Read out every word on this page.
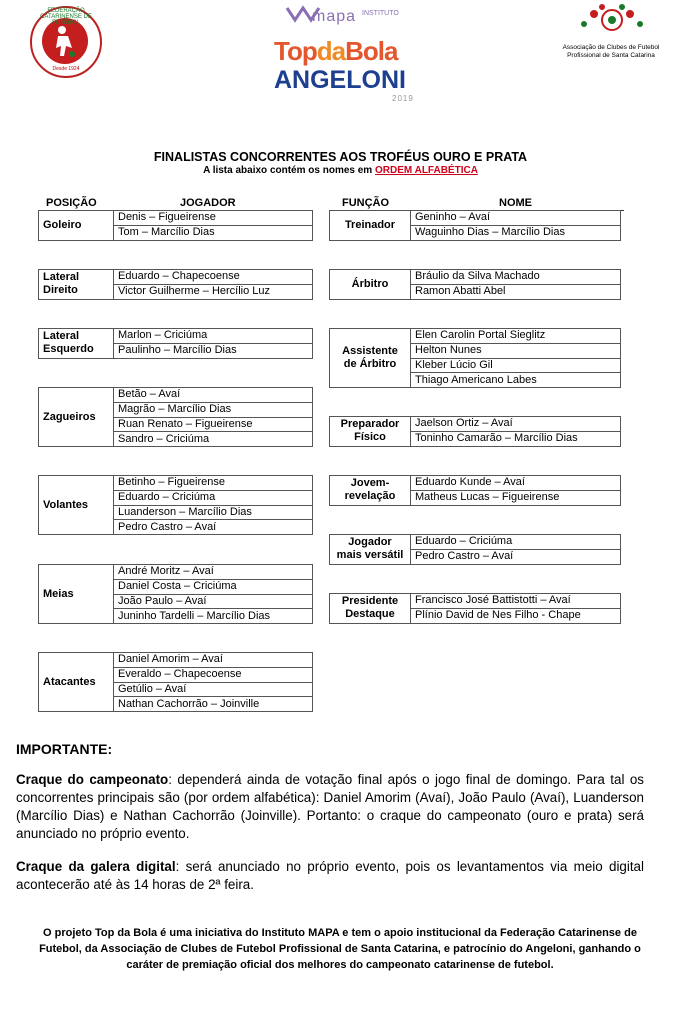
FEDERAÇÃO CATARINENSE DE FUTEBOL
Desde 1924
mapa INSTITUTO
TopdaBola
ANGELONI
2019
Associação de Clubes de Futebol Profissional de Santa Catarina
FINALISTAS CONCORRENTES AOS TROFÉUS OURO E PRATA
A lista abaixo contém os nomes em ORDEM ALFABÉTICA
POSIÇÃO	JOGADOR	FUNÇÃO	NOME
Goleiro
	Denis – Figueirense
Tom – Marcílio Dias
Lateral
Direito
	Eduardo – Chapecoense
Victor Guilherme – Hercílio Luz
Lateral
Esquerdo
	Marlon – Criciúma
Paulinho – Marcílio Dias
Zagueiros
	Betão – Avaí
Magrão – Marcílio Dias
Ruan Renato – Figueirense
Sandro – Criciúma
Volantes
	Betinho – Figueirense
Eduardo – Criciúma
Luanderson – Marcílio Dias
Pedro Castro – Avaí
Meias
	André Moritz – Avaí
Daniel Costa – Criciúma
João Paulo – Avaí
Juninho Tardelli – Marcílio Dias
Atacantes
	Daniel Amorim – Avaí
Everaldo – Chapecoense
Getúlio – Avaí
Nathan Cachorrão – Joinville
Treinador
	Geninho – Avaí
Waguinho Dias – Marcílio Dias
Árbitro
	Bráulio da Silva Machado
Ramon Abatti Abel
Assistente
de Árbitro
	Elen Carolin Portal Sieglitz
Helton Nunes
Kleber Lúcio Gil
Thiago Americano Labes
Preparador
Físico
	Jaelson Ortiz – Avaí
Toninho Camarão – Marcílio Dias
Jovem-
revelação
	Eduardo Kunde – Avaí
Matheus Lucas – Figueirense
Jogador
mais versátil
	Eduardo – Criciúma
Pedro Castro – Avaí
Presidente
Destaque
	Francisco José Battistotti – Avaí
Plínio David de Nes Filho - Chape
IMPORTANTE:
Craque do campeonato: dependerá ainda de votação final após o jogo final de domingo. Para tal os concorrentes principais são (por ordem alfabética): Daniel Amorim (Avaí), João Paulo (Avaí), Luanderson (Marcílio Dias) e Nathan Cachorrão (Joinville). Portanto: o craque do campeonato (ouro e prata) será anunciado no próprio evento.
Craque da galera digital: será anunciado no próprio evento, pois os levantamentos via meio digital acontecerão até às 14 horas de 2ª feira.
O projeto Top da Bola é uma iniciativa do Instituto MAPA e tem o apoio institucional da Federação Catarinense de Futebol, da Associação de Clubes de Futebol Profissional de Santa Catarina, e patrocínio do Angeloni, ganhando o caráter de premiação oficial dos melhores do campeonato catarinense de futebol.
